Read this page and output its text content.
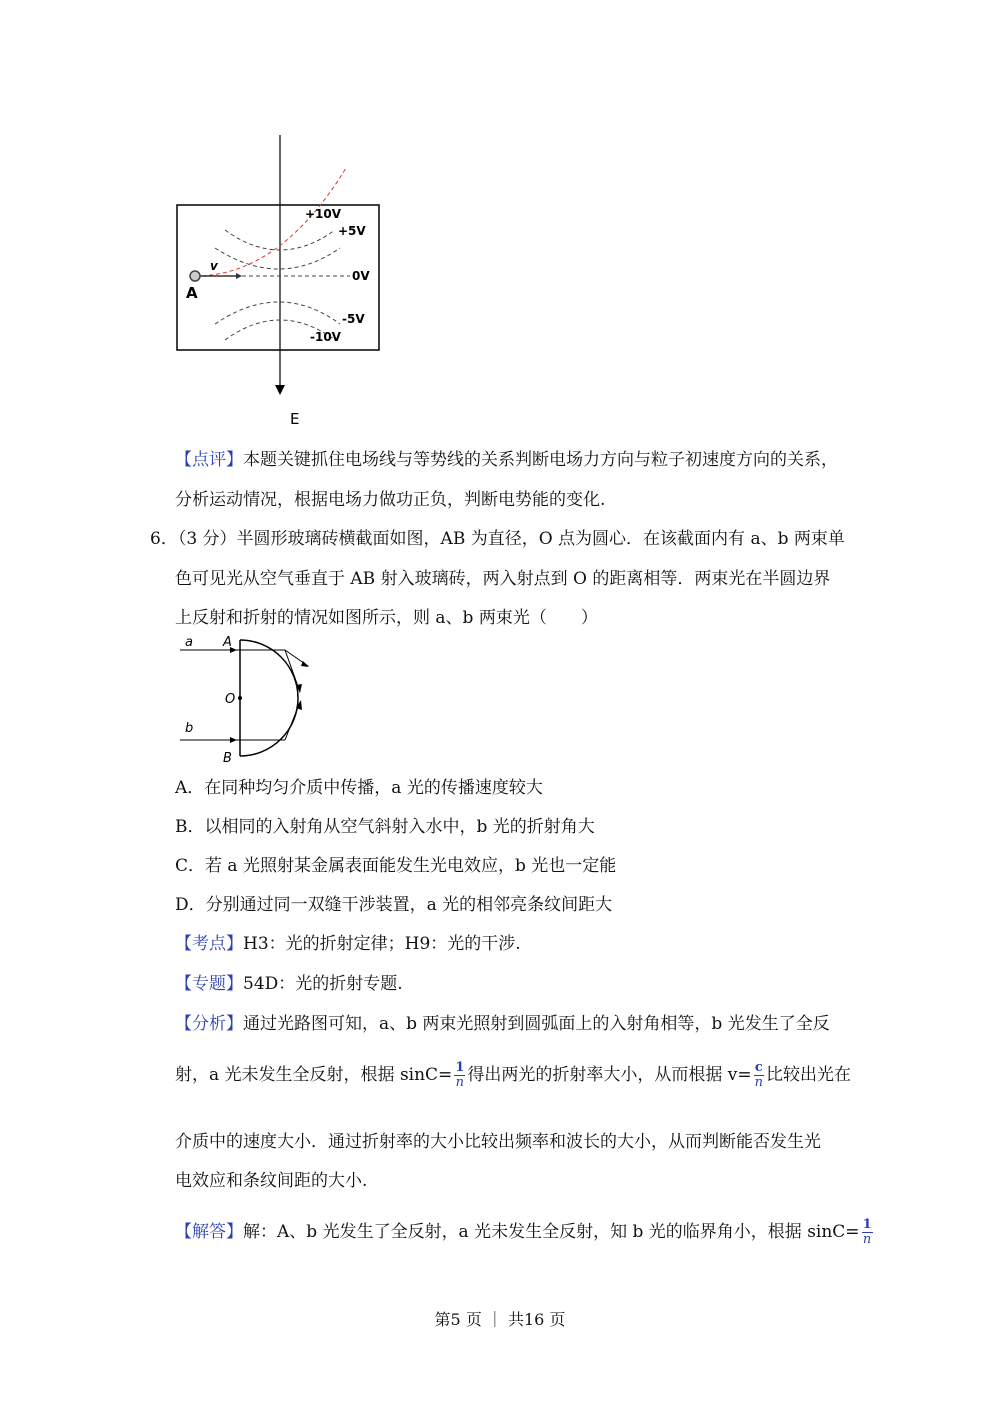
+10V
+5V
0V
-5V
-10V
A
v
E
【点评】本题关键抓住电场线与等势线的关系判断电场力方向与粒子初速度方向的关系，
分析运动情况，根据电场力做功正负，判断电势能的变化.
6．（3 分）半圆形玻璃砖横截面如图，AB 为直径，O 点为圆心．在该截面内有 a、b 两束单
色可见光从空气垂直于 AB 射入玻璃砖，两入射点到 O 的距离相等．两束光在半圆边界
上反射和折射的情况如图所示，则 a、b 两束光（　　）
a A
O
b
B
A．在同种均匀介质中传播，a 光的传播速度较大
B．以相同的入射角从空气斜射入水中，b 光的折射角大
C．若 a 光照射某金属表面能发生光电效应，b 光也一定能
D．分别通过同一双缝干涉装置，a 光的相邻亮条纹间距大
【考点】H3：光的折射定律；H9：光的干涉.
【专题】54D：光的折射专题.
【分析】通过光路图可知，a、b 两束光照射到圆弧面上的入射角相等，b 光发生了全反
射，a 光未发生全反射，根据 $\sin C= \frac{1}{n}$ 得出两光的折射率大小，从而根据 $v= \frac{c}{n}$ 比较出光在
介质中的速度大小．通过折射率的大小比较出频率和波长的大小，从而判断能否发生光
电效应和条纹间距的大小.
【解答】解：A、b 光发生了全反射，a 光未发生全反射，知 b 光的临界角小，根据 $\sin C= \frac{1}{n}$
第5 页 ｜ 共16 页
